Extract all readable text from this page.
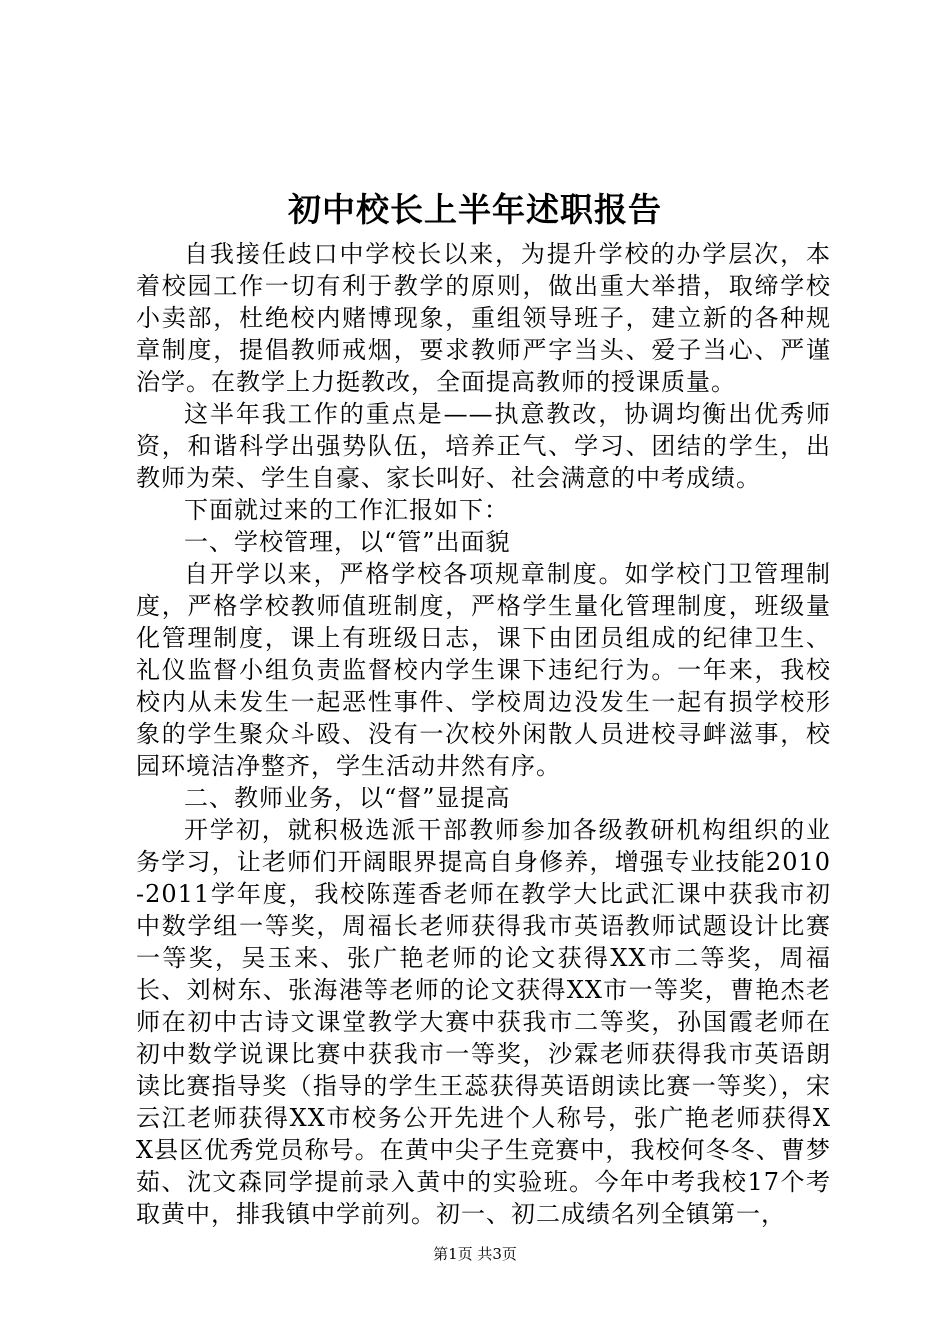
初中校长上半年述职报告

自我接任歧口中学校长以来，为提升学校的办学层次，本着校园工作一切有利于教学的原则，做出重大举措，取缔学校小卖部，杜绝校内赌博现象，重组领导班子，建立新的各种规章制度，提倡教师戒烟，要求教师严字当头、爱子当心、严谨治学。在教学上力挺教改，全面提高教师的授课质量。

这半年我工作的重点是——执意教改，协调均衡出优秀师资，和谐科学出强势队伍，培养正气、学习、团结的学生，出教师为荣、学生自豪、家长叫好、社会满意的中考成绩。

下面就过来的工作汇报如下：

一、学校管理，以“管”出面貌

自开学以来，严格学校各项规章制度。如学校门卫管理制度，严格学校教师值班制度，严格学生量化管理制度，班级量化管理制度，课上有班级日志，课下由团员组成的纪律卫生、礼仪监督小组负责监督校内学生课下违纪行为。一年来，我校校内从未发生一起恶性事件、学校周边没发生一起有损学校形象的学生聚众斗殴、没有一次校外闲散人员进校寻衅滋事，校园环境洁净整齐，学生活动井然有序。

二、教师业务，以“督”显提高

开学初，就积极选派干部教师参加各级教研机构组织的业务学习，让老师们开阔眼界提高自身修养，增强专业技能2010-2011学年度，我校陈莲香老师在教学大比武汇课中获我市初中数学组一等奖，周福长老师获得我市英语教师试题设计比赛一等奖，吴玉来、张广艳老师的论文获得XX市二等奖，周福长、刘树东、张海港等老师的论文获得XX市一等奖，曹艳杰老师在初中古诗文课堂教学大赛中获我市二等奖，孙国霞老师在初中数学说课比赛中获我市一等奖，沙霖老师获得我市英语朗读比赛指导奖（指导的学生王蕊获得英语朗读比赛一等奖），宋云江老师获得XX市校务公开先进个人称号，张广艳老师获得XX县区优秀党员称号。在黄中尖子生竞赛中，我校何冬冬、曹梦茹、沈文森同学提前录入黄中的实验班。今年中考我校17个考取黄中，排我镇中学前列。初一、初二成绩名列全镇第一，

第1页 共3页
